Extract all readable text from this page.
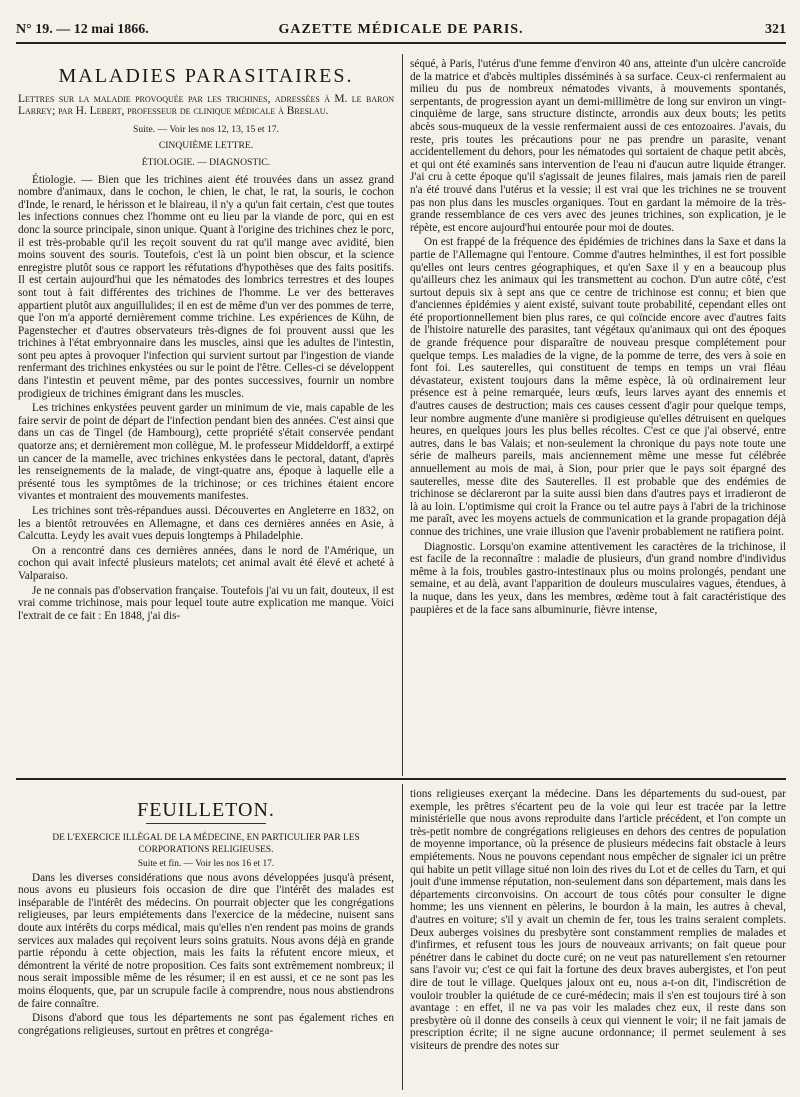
N° 19. — 12 mai 1866.	GAZETTE MÉDICALE DE PARIS.	321
MALADIES PARASITAIRES.
Lettres sur la maladie provoquée par les trichines, adressées à M. le baron Larrey; par H. Lebert, professeur de clinique médicale à Breslau.
Suite. — Voir les nos 12, 13, 15 et 17.
CINQUIÈME LETTRE.
ÉTIOLOGIE. — DIAGNOSTIC.

Étiologie. — Bien que les trichines aient été trouvées dans un assez grand nombre d'animaux, dans le cochon, le chien, le chat, le rat, la souris, le cochon d'Inde, le renard, le hérisson et le blaireau, il n'y a qu'un fait certain, c'est que toutes les infections connues chez l'homme ont eu lieu par la viande de porc, qui en est donc la source principale, sinon unique. Quant à l'origine des trichines chez le porc, il est très-probable qu'il les reçoit souvent du rat qu'il mange avec avidité, bien moins souvent des souris. Toutefois, c'est là un point bien obscur, et la science enregistre plutôt sous ce rapport les réfutations d'hypothèses que des faits positifs. Il est certain aujourd'hui que les nématodes des lombrics terrestres et des loupes sont tout à fait différentes des trichines de l'homme. Le ver des betteraves appartient plutôt aux anguillulides; il en est de même d'un ver des pommes de terre, que l'on m'a apporté dernièrement comme trichine. Les expériences de Kühn, de Pagenstecher et d'autres observateurs très-dignes de foi prouvent aussi que les trichines à l'état embryonnaire dans les muscles, ainsi que les adultes de l'intestin, sont peu aptes à provoquer l'infection qui survient surtout par l'ingestion de viande renfermant des trichines enkystées ou sur le point de l'être. Celles-ci se développent dans l'intestin et peuvent même, par des pontes successives, fournir un nombre prodigieux de trichines émigrant dans les muscles.

Les trichines enkystées peuvent garder un minimum de vie, mais capable de les faire servir de point de départ de l'infection pendant bien des années. C'est ainsi que dans un cas de Tingel (de Hambourg), cette propriété s'était conservée pendant quatorze ans; et dernièrement mon collègue, M. le professeur Middeldorff, a extirpé un cancer de la mamelle, avec trichines enkystées dans le pectoral, datant, d'après les renseignements de la malade, de vingt-quatre ans, époque à laquelle elle a présenté tous les symptômes de la trichinose; or ces trichines étaient encore vivantes et montraient des mouvements manifestes.

Les trichines sont très-répandues aussi. Découvertes en Angleterre en 1832, on les a bientôt retrouvées en Allemagne, et dans ces dernières années en Asie, à Calcutta. Leydy les avait vues depuis longtemps à Philadelphie.

On a rencontré dans ces dernières années, dans le nord de l'Amérique, un cochon qui avait infecté plusieurs matelots; cet animal avait été élevé et acheté à Valparaiso.

Je ne connais pas d'observation française. Toutefois j'ai vu un fait, douteux, il est vrai comme trichinose, mais pour lequel toute autre explication me manque. Voici l'extrait de ce fait : En 1848, j'ai dis-

séqué, à Paris, l'utérus d'une femme d'environ 40 ans, atteinte d'un ulcère cancroïde de la matrice et d'abcès multiples disséminés à sa surface. Ceux-ci renfermaient au milieu du pus de nombreux nématodes vivants, à mouvements spontanés, serpentants, de progression ayant un demi-millimètre de long sur environ un vingt-cinquième de large, sans structure distincte, arrondis aux deux bouts; les petits abcès sous-muqueux de la vessie renfermaient aussi de ces entozoaires. J'avais, du reste, pris toutes les précautions pour ne pas prendre un parasite, venant accidentellement du dehors, pour les nématodes qui sortaient de chaque petit abcès, et qui ont été examinés sans intervention de l'eau ni d'aucun autre liquide étranger. J'ai cru à cette époque qu'il s'agissait de jeunes filaires, mais jamais rien de pareil n'a été trouvé dans l'utérus et la vessie; il est vrai que les trichines ne se trouvent pas non plus dans les muscles organiques. Tout en gardant la mémoire de la très-grande ressemblance de ces vers avec des jeunes trichines, son explication, je le répète, est encore aujourd'hui entourée pour moi de doutes.

On est frappé de la fréquence des épidémies de trichines dans la Saxe et dans la partie de l'Allemagne qui l'entoure. Comme d'autres helminthes, il est fort possible qu'elles ont leurs centres géographiques, et qu'en Saxe il y en a beaucoup plus qu'ailleurs chez les animaux qui les transmettent au cochon. D'un autre côté, c'est surtout depuis six à sept ans que ce centre de trichinose est connu; et bien que d'anciennes épidémies y aient existé, suivant toute probabilité, cependant elles ont été proportionnellement bien plus rares, ce qui coïncide encore avec d'autres faits de l'histoire naturelle des parasites, tant végétaux qu'animaux qui ont des époques de grande fréquence pour disparaître de nouveau presque complétement pour quelque temps. Les maladies de la vigne, de la pomme de terre, des vers à soie en font foi. Les sauterelles, qui constituent de temps en temps un vrai fléau dévastateur, existent toujours dans la même espèce, là où ordinairement leur présence est à peine remarquée, leurs œufs, leurs larves ayant des ennemis et d'autres causes de destruction; mais ces causes cessent d'agir pour quelque temps, leur nombre augmente d'une manière si prodigieuse qu'elles détruisent en quelques heures, en quelques jours les plus belles récoltes. C'est ce que j'ai observé, entre autres, dans le bas Valais; et non-seulement la chronique du pays note toute une série de malheurs pareils, mais anciennement même une messe fut célébrée annuellement au mois de mai, à Sion, pour prier que le pays soit épargné des sauterelles, messe dite des Sauterelles. Il est probable que des endémies de trichinose se déclareront par la suite aussi bien dans d'autres pays et irradieront de là au loin. L'optimisme qui croit la France ou tel autre pays à l'abri de la trichinose me paraît, avec les moyens actuels de communication et la grande propagation déjà connue des trichines, une vraie illusion que l'avenir probablement ne ratifiera point.

Diagnostic. Lorsqu'on examine attentivement les caractères de la trichinose, il est facile de la reconnaître : maladie de plusieurs, d'un grand nombre d'individus même à la fois, troubles gastro-intestinaux plus ou moins prolongés, pendant une semaine, et au delà, avant l'apparition de douleurs musculaires vagues, étendues, à la nuque, dans les yeux, dans les membres, œdème tout à fait caractéristique des paupières et de la face sans albuminurie, fièvre intense,

FEUILLETON.
DE L'EXERCICE ILLÉGAL DE LA MÉDECINE, EN PARTICULIER PAR LES CORPORATIONS RELIGIEUSES.
Suite et fin. — Voir les nos 16 et 17.

Dans les diverses considérations que nous avons développées jusqu'à présent, nous avons eu plusieurs fois occasion de dire que l'intérêt des malades est inséparable de l'intérêt des médecins. On pourrait objecter que les congrégations religieuses, par leurs empiétements dans l'exercice de la médecine, nuisent sans doute aux intérêts du corps médical, mais qu'elles n'en rendent pas moins de grands services aux malades qui reçoivent leurs soins gratuits. Nous avons déjà en grande partie répondu à cette objection, mais les faits la réfutent encore mieux, et démontrent la vérité de notre proposition. Ces faits sont extrêmement nombreux; il nous serait impossible même de les résumer; il en est aussi, et ce ne sont pas les moins éloquents, que, par un scrupule facile à comprendre, nous nous abstiendrons de faire connaître.

Disons d'abord que tous les départements ne sont pas également riches en congrégations religieuses, surtout en prêtres et congréga-

tions religieuses exerçant la médecine. Dans les départements du sud-ouest, par exemple, les prêtres s'écartent peu de la voie qui leur est tracée par la lettre ministérielle que nous avons reproduite dans l'article précédent, et l'on compte un très-petit nombre de congrégations religieuses en dehors des centres de population de moyenne importance, où la présence de plusieurs médecins fait obstacle à leurs empiétements. Nous ne pouvons cependant nous empêcher de signaler ici un prêtre qui habite un petit village situé non loin des rives du Lot et de celles du Tarn, et qui jouit d'une immense réputation, non-seulement dans son département, mais dans les départements circonvoisins. On accourt de tous côtés pour consulter le digne homme; les uns viennent en pèlerins, le bourdon à la main, les autres à cheval, d'autres en voiture; s'il y avait un chemin de fer, tous les trains seraient complets. Deux auberges voisines du presbytère sont constamment remplies de malades et d'infirmes, et refusent tous les jours de nouveaux arrivants; on fait queue pour pénétrer dans le cabinet du docte curé; on ne veut pas naturellement s'en retourner sans l'avoir vu; c'est ce qui fait la fortune des deux braves aubergistes, et l'on peut dire de tout le village. Quelques jaloux ont eu, nous a-t-on dit, l'indiscrétion de vouloir troubler la quiétude de ce curé-médecin; mais il s'en est toujours tiré à son avantage : en effet, il ne va pas voir les malades chez eux, il reste dans son presbytère où il donne des conseils à ceux qui viennent le voir; il ne fait jamais de prescription écrite; il ne signe aucune ordonnance; il permet seulement à ses visiteurs de prendre des notes sur
